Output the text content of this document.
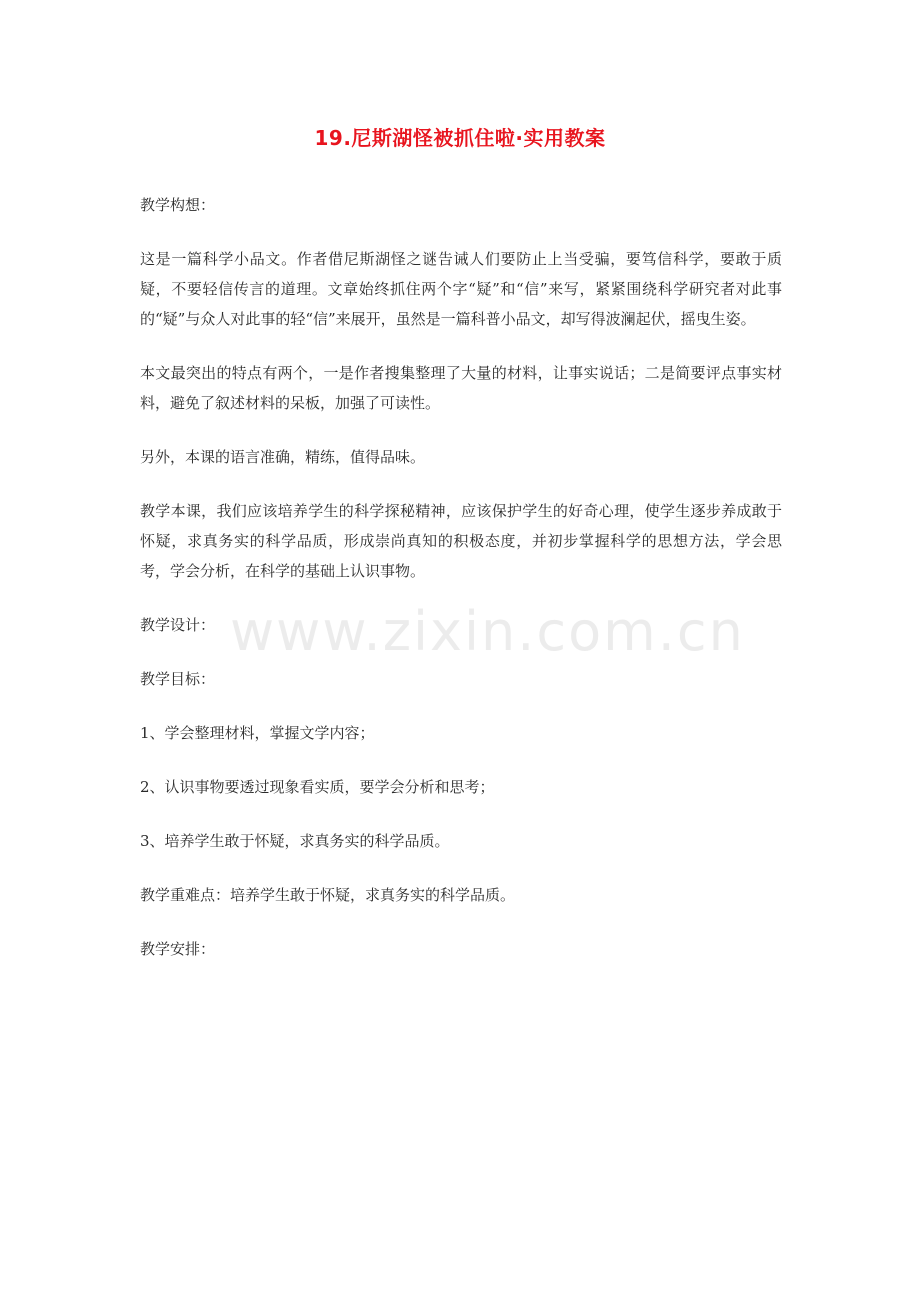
19.尼斯湖怪被抓住啦·实用教案
www.zixin.com.cn

教学构想：

这是一篇科学小品文。作者借尼斯湖怪之谜告诫人们要防止上当受骗，要笃信科学，要敢于质疑，不要轻信传言的道理。文章始终抓住两个字“疑”和“信”来写，紧紧围绕科学研究者对此事的“疑”与众人对此事的轻“信”来展开，虽然是一篇科普小品文，却写得波澜起伏，摇曳生姿。

本文最突出的特点有两个，一是作者搜集整理了大量的材料，让事实说话；二是简要评点事实材料，避免了叙述材料的呆板，加强了可读性。

另外，本课的语言准确，精练，值得品味。

教学本课，我们应该培养学生的科学探秘精神，应该保护学生的好奇心理，使学生逐步养成敢于怀疑，求真务实的科学品质，形成崇尚真知的积极态度，并初步掌握科学的思想方法，学会思考，学会分析，在科学的基础上认识事物。

教学设计：

教学目标：

1、学会整理材料，掌握文学内容；

2、认识事物要透过现象看实质，要学会分析和思考；

3、培养学生敢于怀疑，求真务实的科学品质。

教学重难点：培养学生敢于怀疑，求真务实的科学品质。

教学安排：
